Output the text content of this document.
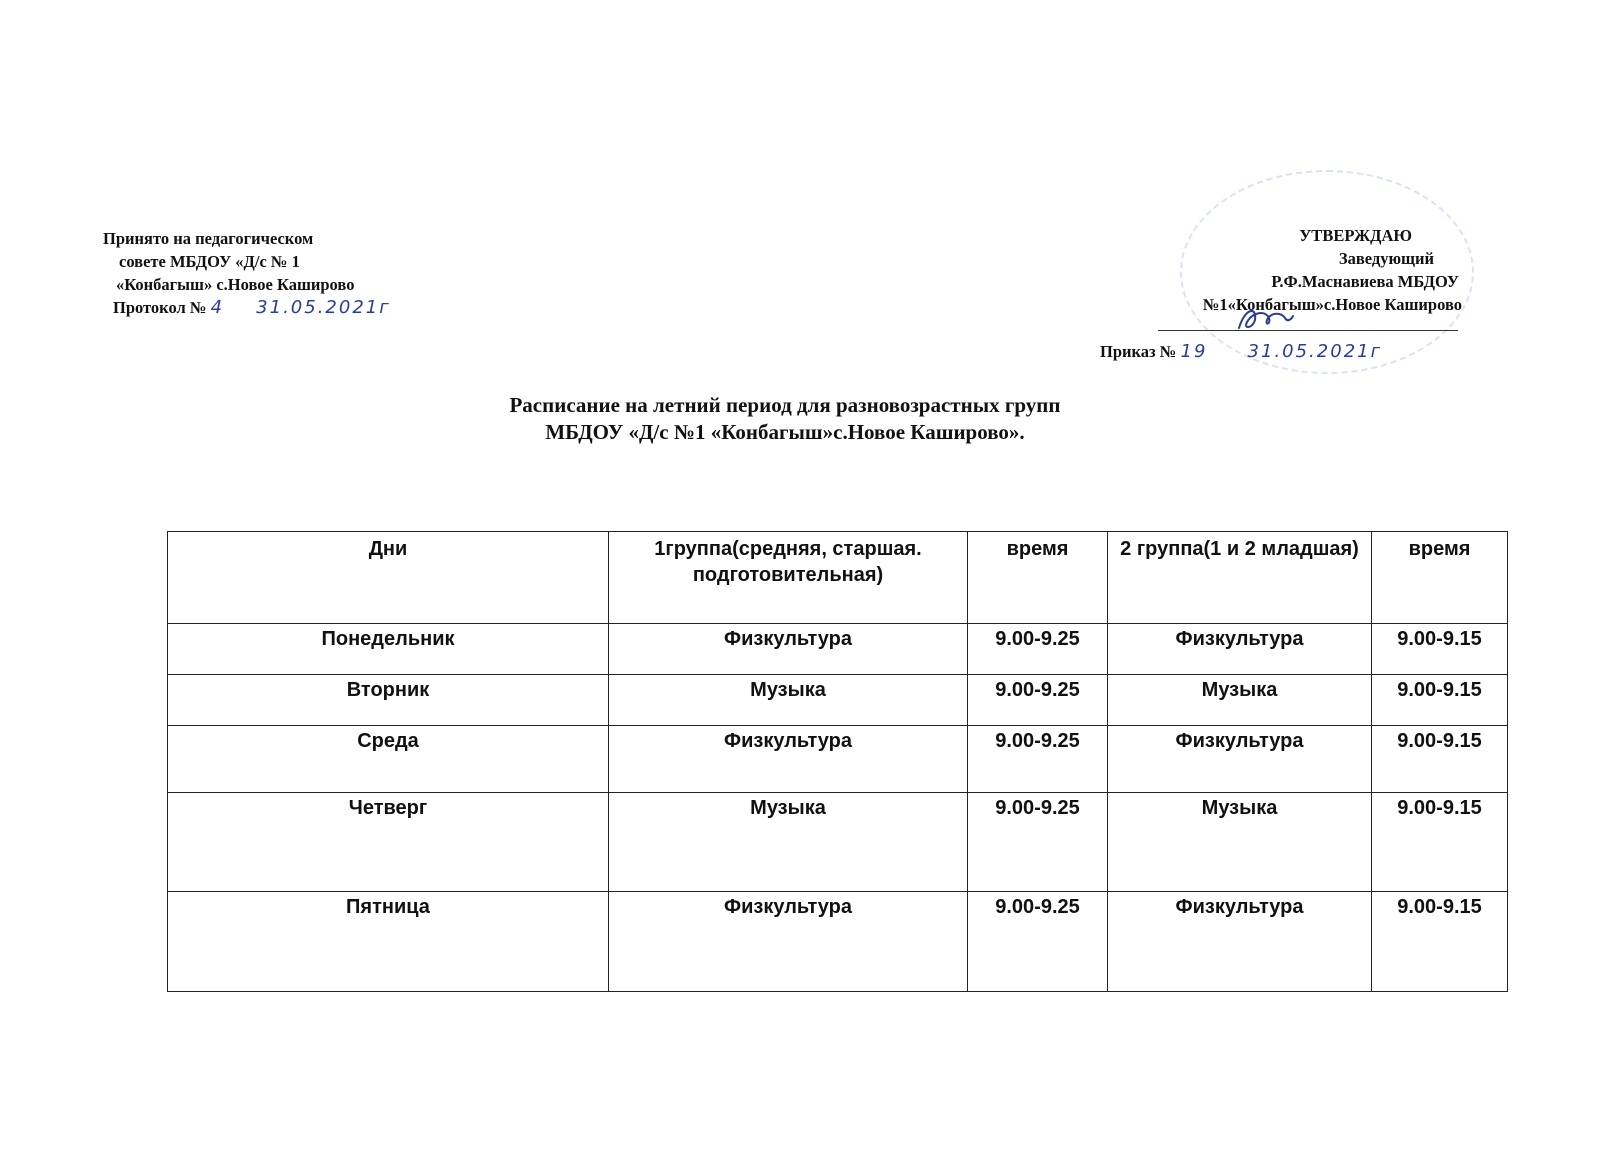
Принято на педагогическом
совете МБДОУ «Д/с № 1
«Конбагыш» с.Новое Каширово
Протокол № 4 31.05.2021г
УТВЕРЖДАЮ
Заведующий
Р.Ф.Маснавиева МБДОУ
№1«Конбагыш»с.Новое Каширово
Приказ № 19 31.05.2021г
Расписание на летний период для разновозрастных групп
МБДОУ «Д/с №1 «Конбагыш»с.Новое Каширово».
Дни	1группа(средняя, старшая. подготовительная)	время	2 группа(1 и 2 младшая)	время
Понедельник	Физкультура	9.00-9.25	Физкультура	9.00-9.15
Вторник	Музыка	9.00-9.25	Музыка	9.00-9.15
Среда	Физкультура	9.00-9.25	Физкультура	9.00-9.15
Четверг	Музыка	9.00-9.25	Музыка	9.00-9.15
Пятница	Физкультура	9.00-9.25	Физкультура	9.00-9.15
